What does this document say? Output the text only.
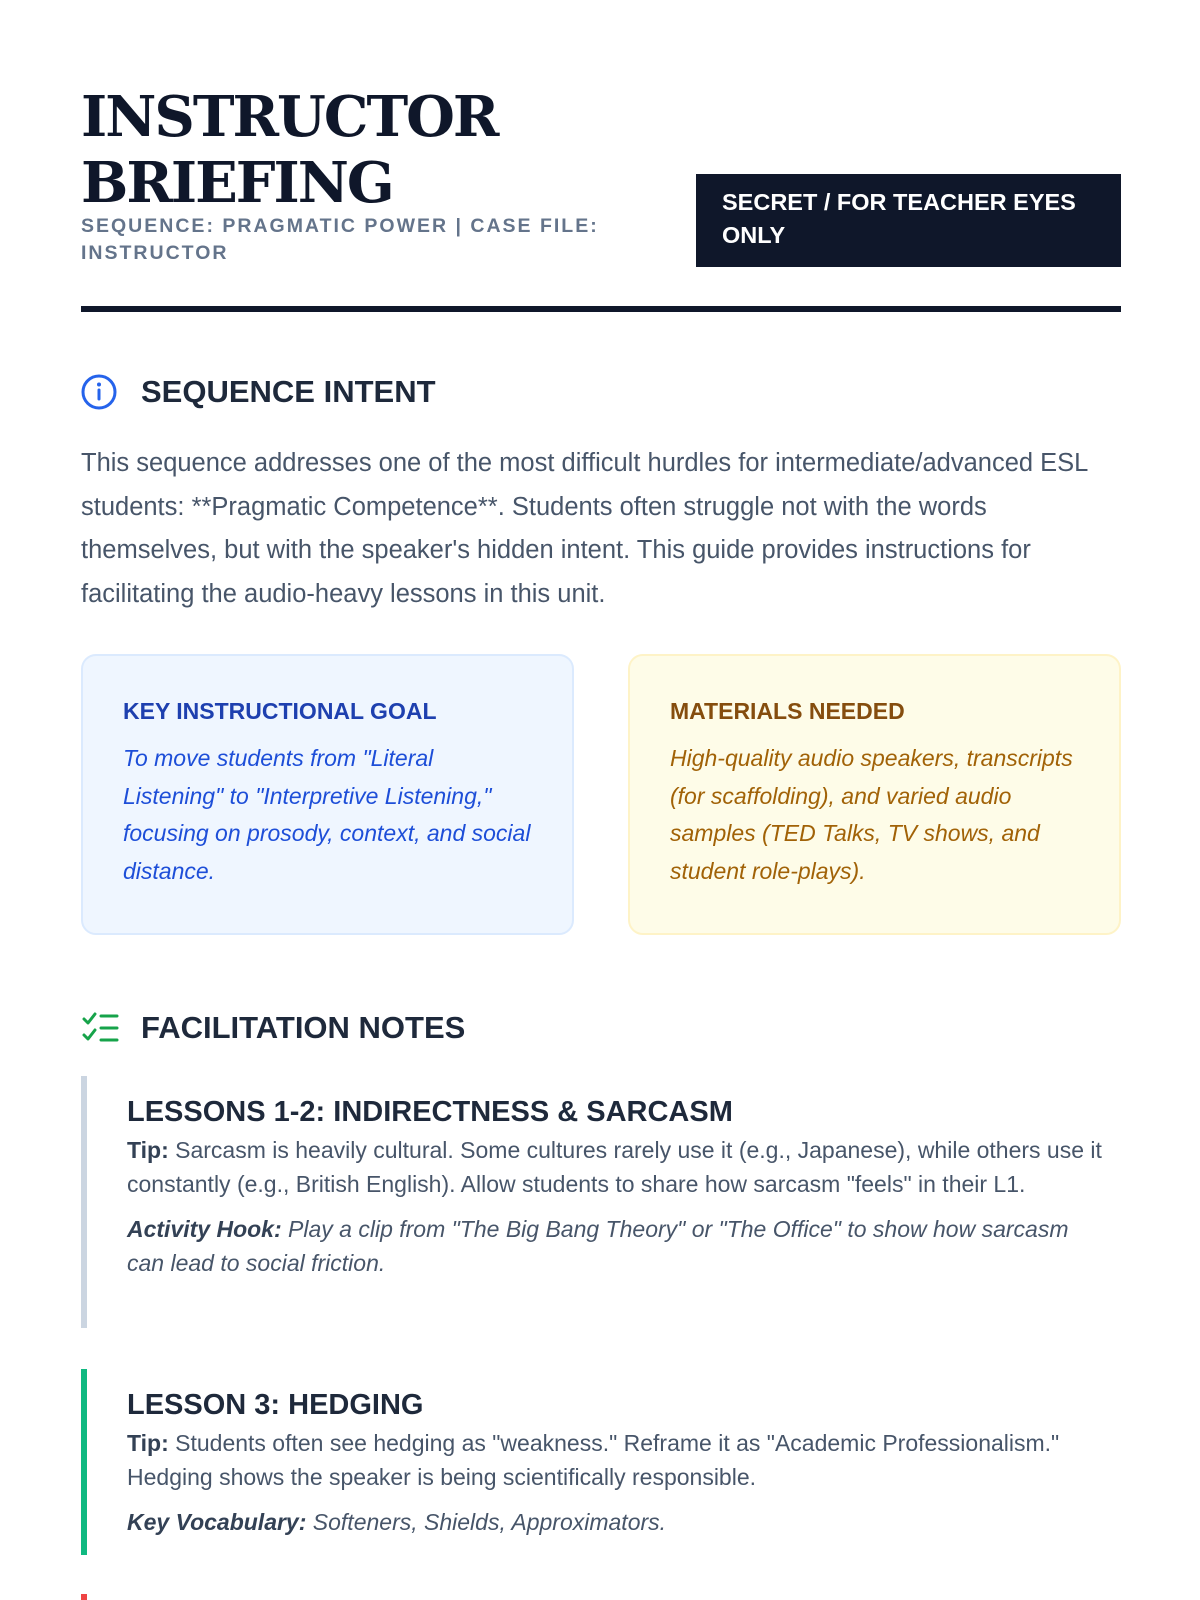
INSTRUCTOR
BRIEFING

SEQUENCE: PRAGMATIC POWER | CASE FILE: INSTRUCTOR

SECRET / FOR TEACHER EYES ONLY
SEQUENCE INTENT

This sequence addresses one of the most difficult hurdles for intermediate/advanced ESL students: **Pragmatic Competence**. Students often struggle not with the words themselves, but with the speaker's hidden intent. This guide provides instructions for facilitating the audio-heavy lessons in this unit.

KEY INSTRUCTIONAL GOAL

To move students from "Literal Listening" to "Interpretive Listening," focusing on prosody, context, and social distance.

MATERIALS NEEDED

High-quality audio speakers, transcripts (for scaffolding), and varied audio samples (TED Talks, TV shows, and student role-plays).

FACILITATION NOTES

LESSONS 1-2: INDIRECTNESS & SARCASM

Tip: Sarcasm is heavily cultural. Some cultures rarely use it (e.g., Japanese), while others use it constantly (e.g., British English). Allow students to share how sarcasm "feels" in their L1.

Activity Hook: Play a clip from "The Big Bang Theory" or "The Office" to show how sarcasm can lead to social friction.

LESSON 3: HEDGING

Tip: Students often see hedging as "weakness." Reframe it as "Academic Professionalism." Hedging shows the speaker is being scientifically responsible.

Key Vocabulary: Softeners, Shields, Approximators.
